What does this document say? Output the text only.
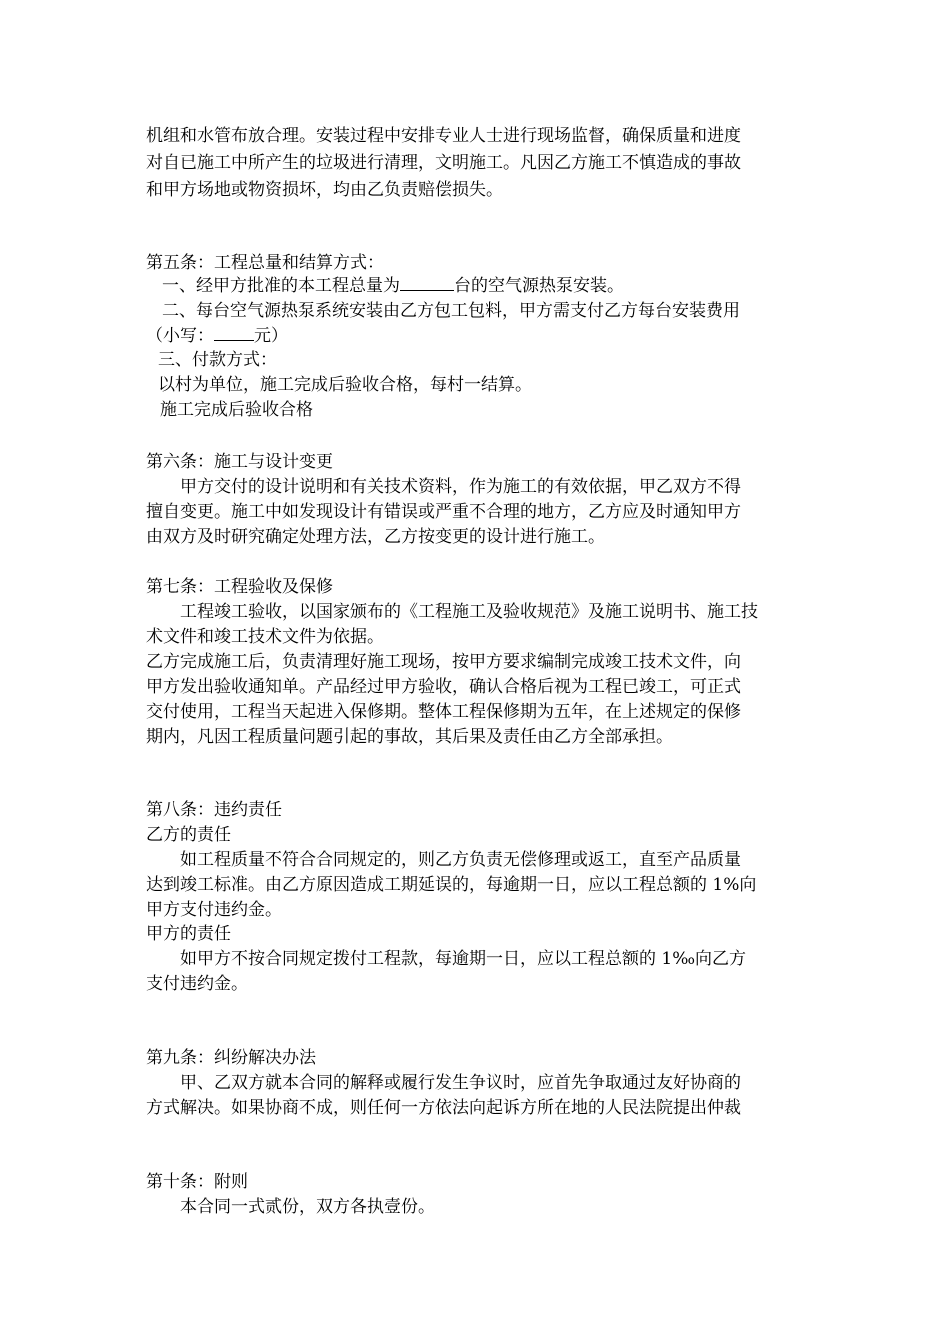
机组和水管布放合理。安装过程中安排专业人士进行现场监督，确保质量和进度

对自已施工中所产生的垃圾进行清理，文明施工。凡因乙方施工不慎造成的事故

和甲方场地或物资损坏，均由乙负责赔偿损失。

第五条：工程总量和结算方式：

一、经甲方批准的本工程总量为	台的空气源热泵安装。

二、每台空气源热泵系统安装由乙方包工包料，甲方需支付乙方每台安装费用

（小写： 元）

三、付款方式：

以村为单位，施工完成后验收合格，每村一结算。

施工完成后验收合格

第六条：施工与设计变更

甲方交付的设计说明和有关技术资料，作为施工的有效依据，甲乙双方不得

擅自变更。施工中如发现设计有错误或严重不合理的地方，乙方应及时通知甲方

由双方及时研究确定处理方法，乙方按变更的设计进行施工。

第七条：工程验收及保修

工程竣工验收，以国家颁布的《工程施工及验收规范》及施工说明书、施工技

术文件和竣工技术文件为依据。

乙方完成施工后，负责清理好施工现场，按甲方要求编制完成竣工技术文件，向

甲方发出验收通知单。产品经过甲方验收，确认合格后视为工程已竣工，可正式

交付使用，工程当天起进入保修期。整体工程保修期为五年，在上述规定的保修

期内，凡因工程质量问题引起的事故，其后果及责任由乙方全部承担。

第八条：违约责任

乙方的责任

如工程质量不符合合同规定的，则乙方负责无偿修理或返工，直至产品质量

达到竣工标准。由乙方原因造成工期延误的，每逾期一日，应以工程总额的 1%向

甲方支付违约金。

甲方的责任

如甲方不按合同规定拨付工程款，每逾期一日，应以工程总额的 1‰向乙方

支付违约金。

第九条：纠纷解决办法

甲、乙双方就本合同的解释或履行发生争议时，应首先争取通过友好协商的

方式解决。如果协商不成，则任何一方依法向起诉方所在地的人民法院提出仲裁

第十条：附则

本合同一式贰份，双方各执壹份。
